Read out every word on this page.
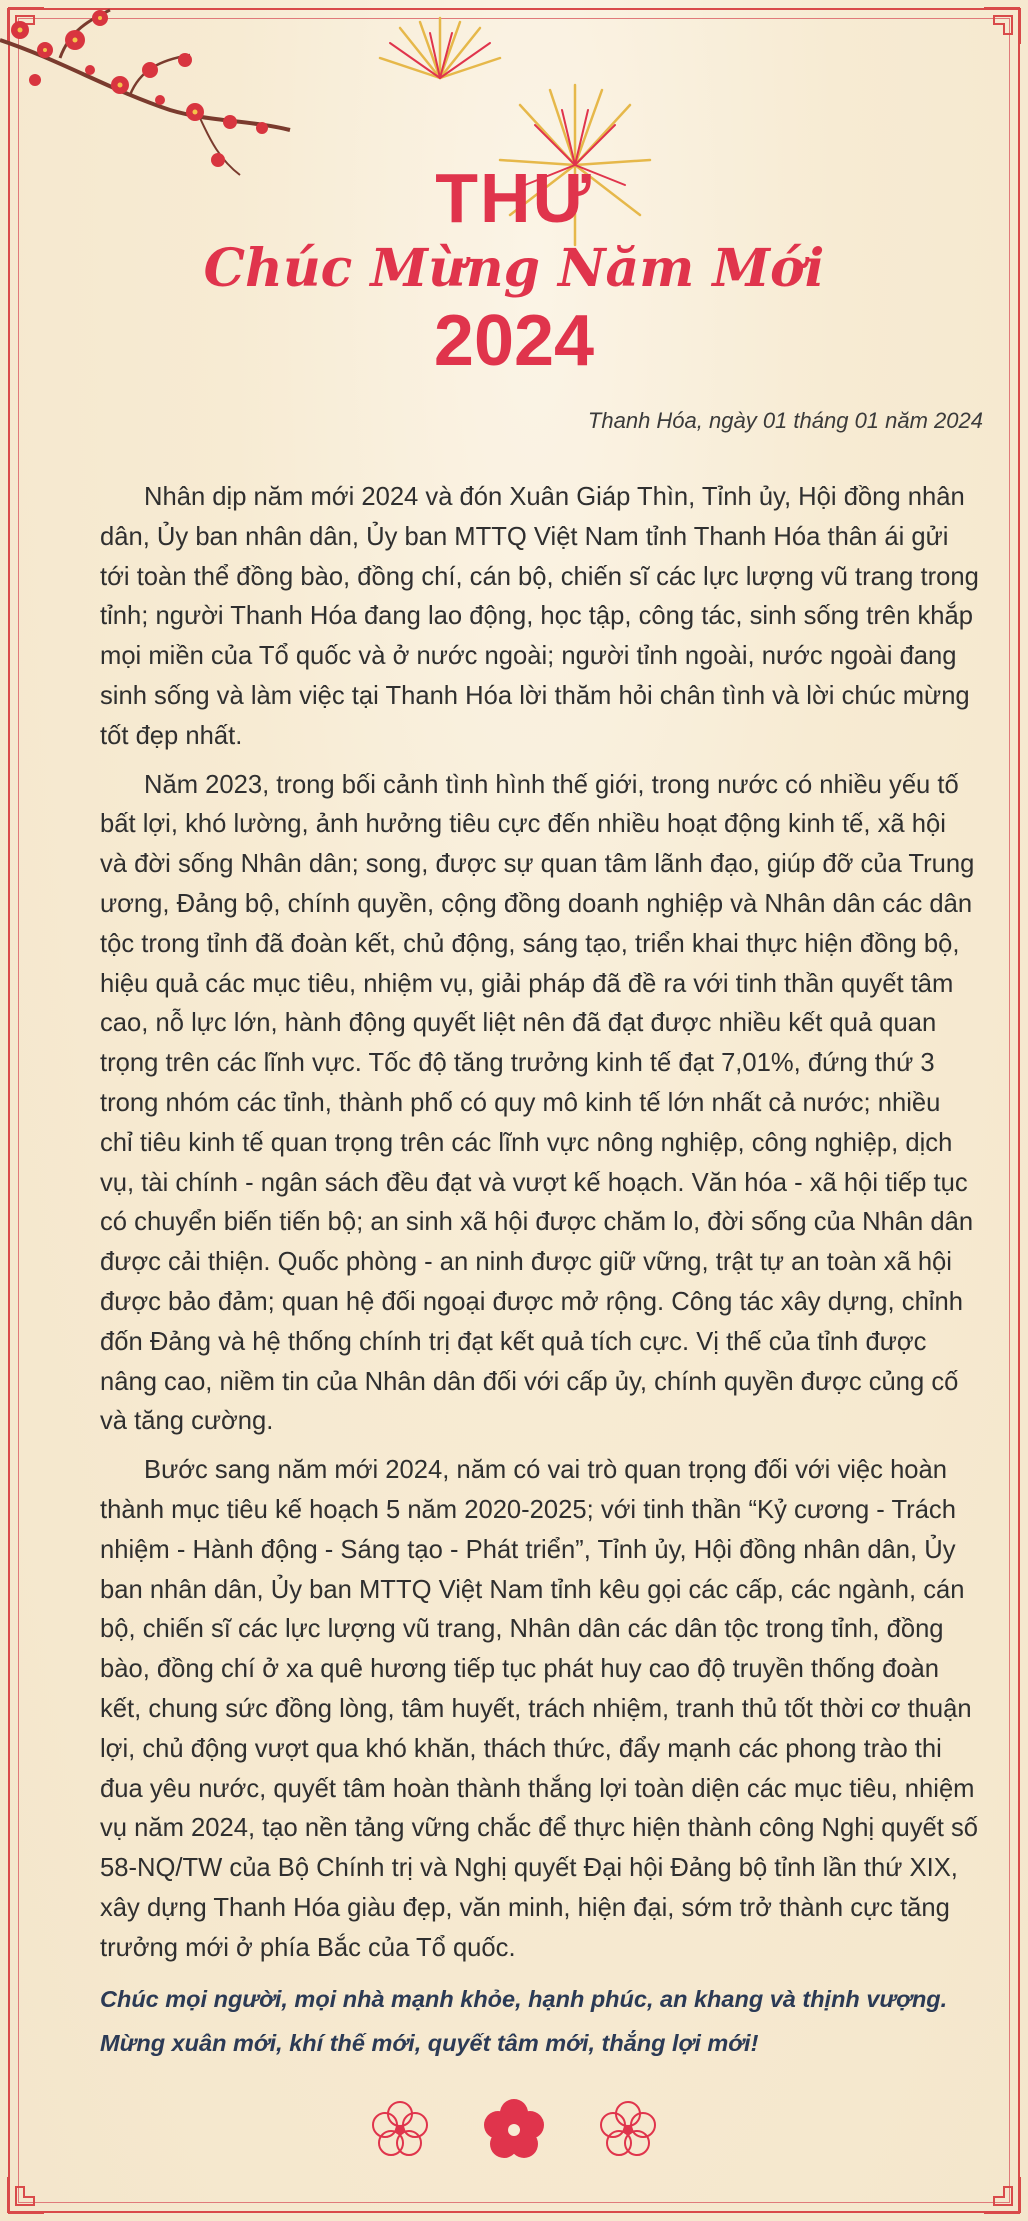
THƯ
Chúc Mừng Năm Mới
2024
Thanh Hóa, ngày 01 tháng 01 năm 2024

Nhân dịp năm mới 2024 và đón Xuân Giáp Thìn, Tỉnh ủy, Hội đồng nhân dân, Ủy ban nhân dân, Ủy ban MTTQ Việt Nam tỉnh Thanh Hóa thân ái gửi tới toàn thể đồng bào, đồng chí, cán bộ, chiến sĩ các lực lượng vũ trang trong tỉnh; người Thanh Hóa đang lao động, học tập, công tác, sinh sống trên khắp mọi miền của Tổ quốc và ở nước ngoài; người tỉnh ngoài, nước ngoài đang sinh sống và làm việc tại Thanh Hóa lời thăm hỏi chân tình và lời chúc mừng tốt đẹp nhất.

Năm 2023, trong bối cảnh tình hình thế giới, trong nước có nhiều yếu tố bất lợi, khó lường, ảnh hưởng tiêu cực đến nhiều hoạt động kinh tế, xã hội và đời sống Nhân dân; song, được sự quan tâm lãnh đạo, giúp đỡ của Trung ương, Đảng bộ, chính quyền, cộng đồng doanh nghiệp và Nhân dân các dân tộc trong tỉnh đã đoàn kết, chủ động, sáng tạo, triển khai thực hiện đồng bộ, hiệu quả các mục tiêu, nhiệm vụ, giải pháp đã đề ra với tinh thần quyết tâm cao, nỗ lực lớn, hành động quyết liệt nên đã đạt được nhiều kết quả quan trọng trên các lĩnh vực. Tốc độ tăng trưởng kinh tế đạt 7,01%, đứng thứ 3 trong nhóm các tỉnh, thành phố có quy mô kinh tế lớn nhất cả nước; nhiều chỉ tiêu kinh tế quan trọng trên các lĩnh vực nông nghiệp, công nghiệp, dịch vụ, tài chính - ngân sách đều đạt và vượt kế hoạch. Văn hóa - xã hội tiếp tục có chuyển biến tiến bộ; an sinh xã hội được chăm lo, đời sống của Nhân dân được cải thiện. Quốc phòng - an ninh được giữ vững, trật tự an toàn xã hội được bảo đảm; quan hệ đối ngoại được mở rộng. Công tác xây dựng, chỉnh đốn Đảng và hệ thống chính trị đạt kết quả tích cực. Vị thế của tỉnh được nâng cao, niềm tin của Nhân dân đối với cấp ủy, chính quyền được củng cố và tăng cường.

Bước sang năm mới 2024, năm có vai trò quan trọng đối với việc hoàn thành mục tiêu kế hoạch 5 năm 2020-2025; với tinh thần “Kỷ cương - Trách nhiệm - Hành động - Sáng tạo - Phát triển”, Tỉnh ủy, Hội đồng nhân dân, Ủy ban nhân dân, Ủy ban MTTQ Việt Nam tỉnh kêu gọi các cấp, các ngành, cán bộ, chiến sĩ các lực lượng vũ trang, Nhân dân các dân tộc trong tỉnh, đồng bào, đồng chí ở xa quê hương tiếp tục phát huy cao độ truyền thống đoàn kết, chung sức đồng lòng, tâm huyết, trách nhiệm, tranh thủ tốt thời cơ thuận lợi, chủ động vượt qua khó khăn, thách thức, đẩy mạnh các phong trào thi đua yêu nước, quyết tâm hoàn thành thắng lợi toàn diện các mục tiêu, nhiệm vụ năm 2024, tạo nền tảng vững chắc để thực hiện thành công Nghị quyết số 58-NQ/TW của Bộ Chính trị và Nghị quyết Đại hội Đảng bộ tỉnh lần thứ XIX, xây dựng Thanh Hóa giàu đẹp, văn minh, hiện đại, sớm trở thành cực tăng trưởng mới ở phía Bắc của Tổ quốc.

Chúc mọi người, mọi nhà mạnh khỏe, hạnh phúc, an khang và thịnh vượng.
Mừng xuân mới, khí thế mới, quyết tâm mới, thắng lợi mới!
